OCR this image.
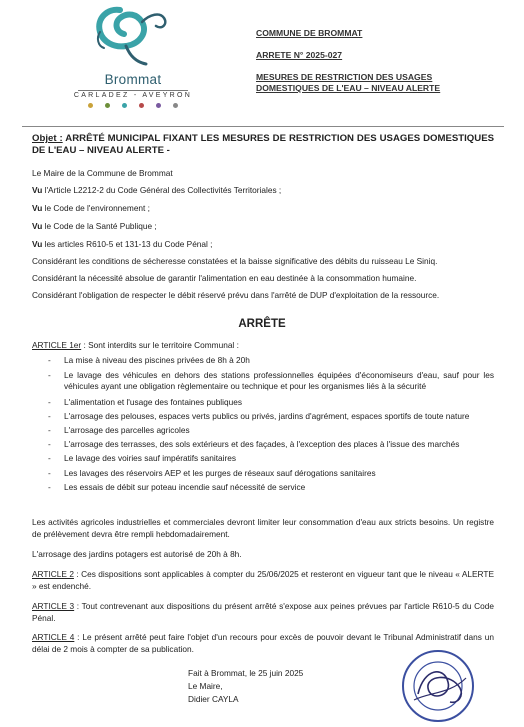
Brommat
CARLADEZ - AVEYRON
COMMUNE DE BROMMAT
ARRETE N° 2025-027
MESURES DE RESTRICTION DES USAGES
DOMESTIQUES DE L'EAU – NIVEAU ALERTE
Objet : ARRÊTÉ MUNICIPAL FIXANT LES MESURES DE RESTRICTION DES USAGES DOMESTIQUES DE L'EAU – NIVEAU ALERTE -
Le Maire de la Commune de Brommat
Vu l'Article L2212-2 du Code Général des Collectivités Territoriales ;
Vu le Code de l'environnement ;
Vu le Code de la Santé Publique ;
Vu les articles R610-5 et 131-13 du Code Pénal ;
Considérant les conditions de sécheresse constatées et la baisse significative des débits du ruisseau Le Siniq.
Considérant la nécessité absolue de garantir l'alimentation en eau destinée à la consommation humaine.
Considérant l'obligation de respecter le débit réservé prévu dans l'arrêté de DUP d'exploitation de la ressource.
ARRÊTE
ARTICLE 1er : Sont interdits sur le territoire Communal :
- La mise à niveau des piscines privées de 8h à 20h
- Le lavage des véhicules en dehors des stations professionnelles équipées d'économiseurs d'eau, sauf pour les véhicules ayant une obligation règlementaire ou technique et pour les organismes liés à la sécurité
- L'alimentation et l'usage des fontaines publiques
- L'arrosage des pelouses, espaces verts publics ou privés, jardins d'agrément, espaces sportifs de toute nature
- L'arrosage des parcelles agricoles
- L'arrosage des terrasses, des sols extérieurs et des façades, à l'exception des places à l'issue des marchés
- Le lavage des voiries sauf impératifs sanitaires
- Les lavages des réservoirs AEP et les purges de réseaux sauf dérogations sanitaires
- Les essais de débit sur poteau incendie sauf nécessité de service
Les activités agricoles industrielles et commerciales devront limiter leur consommation d'eau aux stricts besoins. Un registre de prélèvement devra être rempli hebdomadairement.
L'arrosage des jardins potagers est autorisé de 20h à 8h.
ARTICLE 2 : Ces dispositions sont applicables à compter du 25/06/2025 et resteront en vigueur tant que le niveau « ALERTE » est endenché.
ARTICLE 3 : Tout contrevenant aux dispositions du présent arrêté s'expose aux peines prévues par l'article R610-5 du Code Pénal.
ARTICLE 4 : Le présent arrêté peut faire l'objet d'un recours pour excès de pouvoir devant le Tribunal Administratif dans un délai de 2 mois à compter de sa publication.
Fait à Brommat, le 25 juin 2025
Le Maire,
Didier CAYLA
